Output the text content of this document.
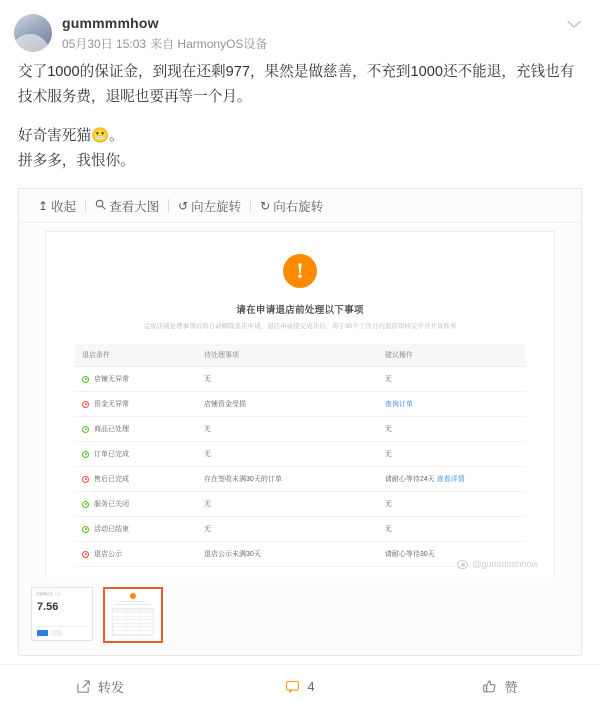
gummmmhow
05月30日 15:03 来自 HarmonyOS设备

交了1000的保证金，到现在还剩977，果然是做慈善，不充到1000还不能退，充钱也有技术服务费，退呢也要再等一个月。

好奇害死猫😬。

拼多多，我恨你。

↥ 收起	查看大图 ↺ 向左旋转 ↻ 向右旋转
!
请在申请退店前处理以下事项
完成店铺处理事项后将自动解除退店申请，退店申请提交成功后，将于30个工作日内退店审核完毕并开具账单
退店条件	待处理事项	建议操作

店铺无异常	无	无

资金无异常	店铺资金受损	查询订单

商品已处理	无	无

订单已完成	无	无

售后已完成	存在签收未满30天的订单	请耐心等待24天 查看详情

服务已关闭	无	无

活动已结束	无	无

退店公示	退店公示未满30天	请耐心等待30天
@gummmmhow
店铺保证金（元）
7.56
转发	4	赞
